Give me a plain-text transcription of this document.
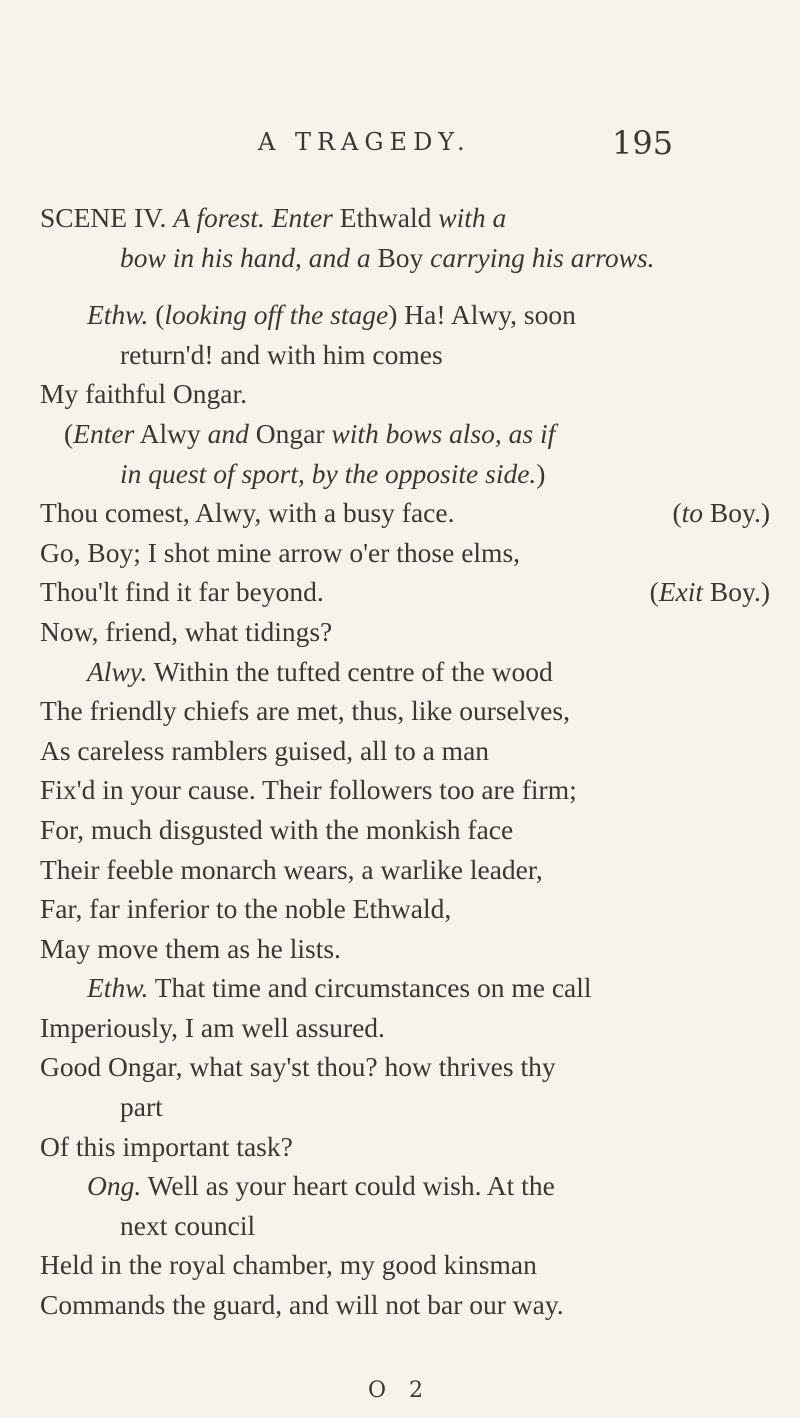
A TRAGEDY.	195
SCENE IV. A forest. Enter Ethwald with a
bow in his hand, and a Boy carrying his arrows.
Ethw. (looking off the stage) Ha! Alwy, soon
return'd! and with him comes
My faithful Ongar.
(Enter Alwy and Ongar with bows also, as if
in quest of sport, by the opposite side.)
(to Boy.)
Thou comest, Alwy, with a busy face.
Go, Boy; I shot mine arrow o'er those elms,
(Exit Boy.)
Thou'lt find it far beyond.
Now, friend, what tidings?
Alwy. Within the tufted centre of the wood
The friendly chiefs are met, thus, like ourselves,
As careless ramblers guised, all to a man
Fix'd in your cause. Their followers too are firm;
For, much disgusted with the monkish face
Their feeble monarch wears, a warlike leader,
Far, far inferior to the noble Ethwald,
May move them as he lists.
Ethw. That time and circumstances on me call
Imperiously, I am well assured.
Good Ongar, what say'st thou? how thrives thy
part
Of this important task?
Ong. Well as your heart could wish. At the
next council
Held in the royal chamber, my good kinsman
Commands the guard, and will not bar our way.
O 2
